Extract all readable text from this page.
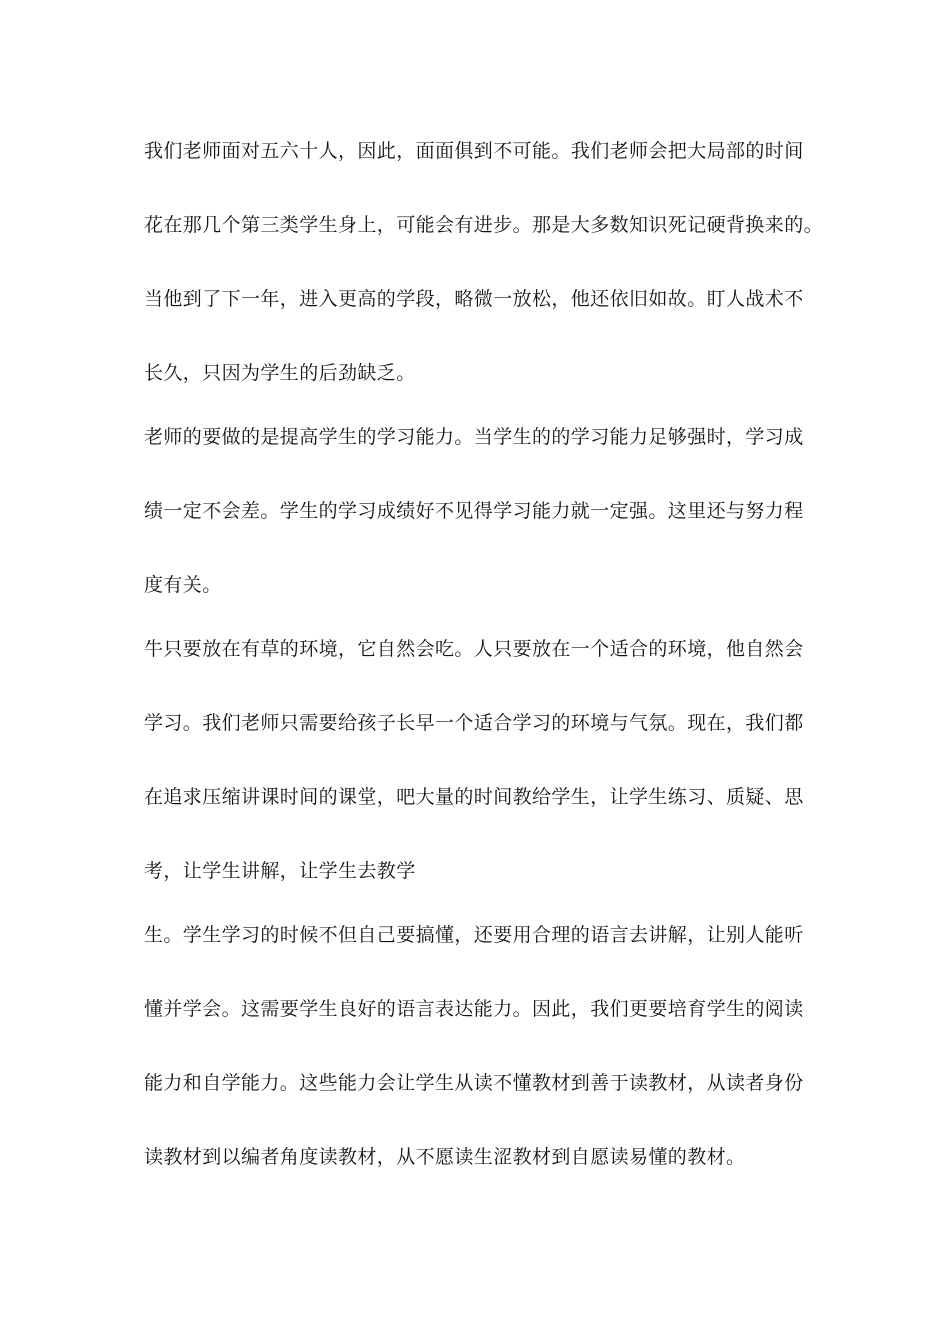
我们老师面对五六十人，因此，面面俱到不可能。我们老师会把大局部的时间

花在那几个第三类学生身上，可能会有进步。那是大多数知识死记硬背换来的。

当他到了下一年，进入更高的学段，略微一放松，他还依旧如故。盯人战术不

长久，只因为学生的后劲缺乏。

老师的要做的是提高学生的学习能力。当学生的的学习能力足够强时，学习成

绩一定不会差。学生的学习成绩好不见得学习能力就一定强。这里还与努力程

度有关。

牛只要放在有草的环境，它自然会吃。人只要放在一个适合的环境，他自然会

学习。我们老师只需要给孩子长早一个适合学习的环境与气氛。现在，我们都

在追求压缩讲课时间的课堂，吧大量的时间教给学生，让学生练习、质疑、思

考，让学生讲解，让学生去教学

生。学生学习的时候不但自己要搞懂，还要用合理的语言去讲解，让别人能听

懂并学会。这需要学生良好的语言表达能力。因此，我们更要培育学生的阅读

能力和自学能力。这些能力会让学生从读不懂教材到善于读教材，从读者身份

读教材到以编者角度读教材，从不愿读生涩教材到自愿读易懂的教材。
